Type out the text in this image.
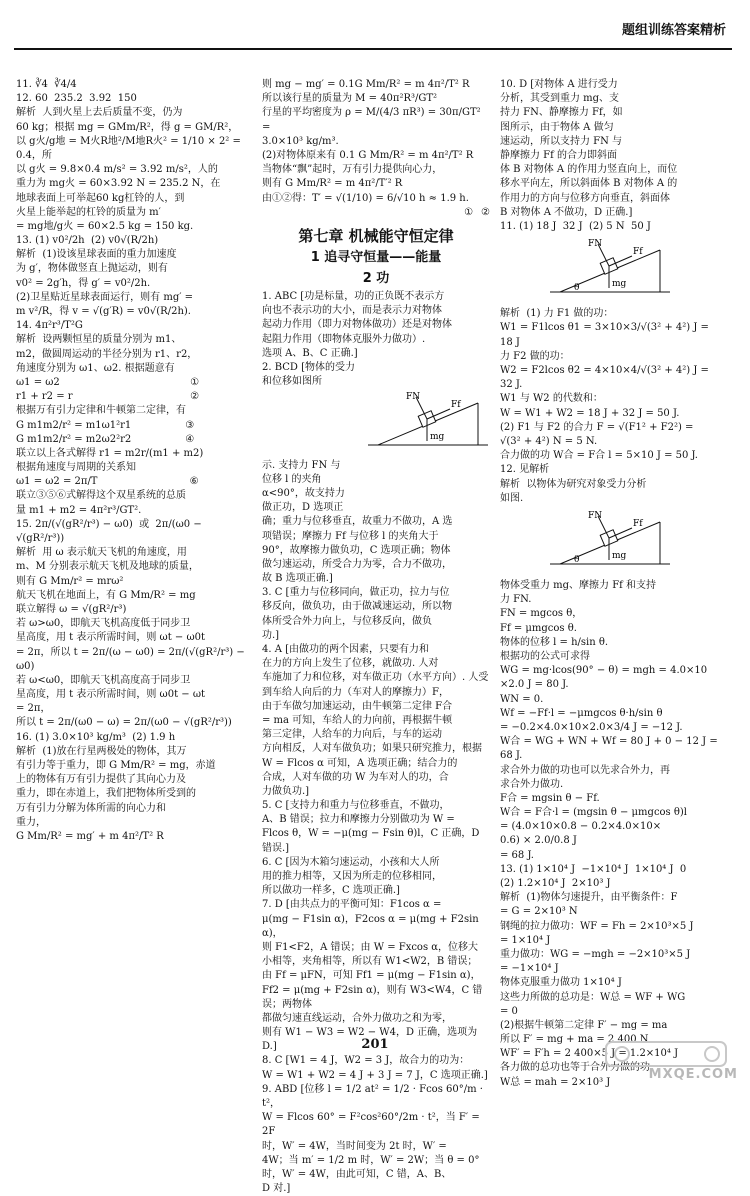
题组训练答案精析
11. ∛4  ∛4/4
12. 60  235.2  3.92  150
解析  人到火星上去后质量不变，仍为
60 kg；根据 mg = GMm/R²，得 g = GM/R²，
以 g火/g地 = M火R地²/M地R火² = 1/10 × 2² = 0.4，所
以 g火 = 9.8×0.4 m/s² = 3.92 m/s²，人的
重力为 mg火 = 60×3.92 N = 235.2 N，在
地球表面上可举起60 kg杠铃的人，到
火星上能举起的杠铃的质量为 m′
= mg地/g火 = 60×2.5 kg = 150 kg.
13. (1) v0²/2h  (2) v0√(R/2h)
解析  (1)设该星球表面的重力加速度
为 g′，物体做竖直上抛运动，则有
v0² = 2g′h，得 g′ = v0²/2h.
(2)卫星贴近星球表面运行，则有 mg′ =
m v²/R，得 v = √(g′R) = v0√(R/2h).
14. 4π²r³/T²G
解析  设两颗恒星的质量分别为 m1、
m2，做圆周运动的半径分别为 r1、r2，
角速度分别为 ω1、ω2. 根据题意有
ω1 = ω2                                         ①
r1 + r2 = r                                     ②
根据万有引力定律和牛顿第二定律，有
G m1m2/r² = m1ω1²r1                 ③
G m1m2/r² = m2ω2²r2                 ④
联立以上各式解得 r1 = m2r/(m1 + m2)
根据角速度与周期的关系知
ω1 = ω2 = 2π/T                             ⑥
联立③⑤⑥式解得这个双星系统的总质
量 m1 + m2 = 4π²r³/GT².
15. 2π/(√(gR²/r³) − ω0)  或  2π/(ω0 − √(gR²/r³))
解析  用 ω 表示航天飞机的角速度，用
m、M 分别表示航天飞机及地球的质量，
则有 G Mm/r² = mrω²
航天飞机在地面上，有 G Mm/R² = mg
联立解得 ω = √(gR²/r³)
若 ω>ω0，即航天飞机高度低于同步卫
星高度，用 t 表示所需时间，则 ωt − ω0t
= 2π，所以 t = 2π/(ω − ω0) = 2π/(√(gR²/r³) − ω0)
若 ω<ω0，即航天飞机高度高于同步卫
星高度，用 t 表示所需时间，则 ω0t − ωt
= 2π，
所以 t = 2π/(ω0 − ω) = 2π/(ω0 − √(gR²/r³))
16. (1) 3.0×10³ kg/m³  (2) 1.9 h
解析  (1)放在行星两极处的物体，其万
有引力等于重力，即 G Mm/R² = mg，赤道
上的物体有万有引力提供了其向心力及
重力，即在赤道上，我们把物体所受到的
万有引力分解为体所需的向心力和
重力，
G Mm/R² = mg′ + m 4π²/T² R
则 mg − mg′ = 0.1G Mm/R² = m 4π²/T² R
所以该行星的质量为 M = 40π²R³/GT²
行星的平均密度为 ρ = M/(4/3 πR³) = 30π/GT² =
3.0×10³ kg/m³.
(2)对物体原来有 0.1 G Mm/R² = m 4π²/T² R
当物体“飘”起时，万有引力提供向心力，
则有 G Mm/R² = m 4π²/T′² R
由①②得：T′ = √(1/10) = 6/√10 h ≈ 1.9 h.
① ②
第七章 机械能守恒定律
1 追寻守恒量——能量
2 功
1. ABC [功是标量，功的正负既不表示方
向也不表示功的大小，而是表示力对物体
起动力作用（即力对物体做功）还是对物体
起阻力作用（即物体克服外力做功）.
选项 A、B、C 正确.]
2. BCD [物体的受力
和位移如图所
FN
Ff
mg
示. 支持力 FN 与
位移 l 的夹角
α<90°，故支持力
做正功，D 选项正
确；重力与位移垂直，故重力不做功，A 选
项错误；摩擦力 Ff 与位移 l 的夹角大于
90°，故摩擦力做负功，C 选项正确；物体
做匀速运动，所受合力为零，合力不做功，
故 B 选项正确.]
3. C [重力与位移同向，做正功，拉力与位
移反向，做负功，由于做减速运动，所以物
体所受合外力向上，与位移反向，做负
功.]
4. A [由做功的两个因素，只要有力和
在力的方向上发生了位移，就做功. 人对
车施加了力和位移，对车做正功（水平方向）. 人受
到车给人向后的力（车对人的摩擦力）F，
由于车做匀加速运动，由牛顿第二定律 F合
= ma 可知，车给人的力向前，再根据牛顿
第三定律，人给车的力向后，与车的运动
方向相反，人对车做负功；如果只研究推力，根据
W = Flcos α 可知，A 选项正确；结合力的
合成，人对车做的功 W 为车对人的功，合
力做负功.]
5. C [支持力和重力与位移垂直，不做功，
A、B 错误；拉力和摩擦力分别做功为 W =
Flcos θ，W = −μ(mg − Fsin θ)l，C 正确，D
错误.]
6. C [因为木箱匀速运动，小孩和大人所
用的推力相等，又因为所走的位移相同，
所以做功一样多，C 选项正确.]
7. D [由共点力的平衡可知：F1cos α =
μ(mg − F1sin α)，F2cos α = μ(mg + F2sin α)，
则 F1<F2，A 错误；由 W = Fxcos α，位移大
小相等，夹角相等，所以有 W1<W2，B 错误；
由 Ff = μFN，可知 Ff1 = μ(mg − F1sin α)，
Ff2 = μ(mg + F2sin α)，则有 W3<W4，C 错误；两物体
都做匀速直线运动，合外力做功之和为零，
则有 W1 − W3 = W2 − W4，D 正确，选项为
D.]
8. C [W1 = 4 J，W2 = 3 J，故合力的功为：
W = W1 + W2 = 4 J + 3 J = 7 J，C 选项正确.]
9. ABD [位移 l = 1/2 at² = 1/2 · Fcos 60°/m · t²，
W = Flcos 60° = F²cos²60°/2m · t²，当 F′ = 2F
时，W′ = 4W，当时间变为 2t 时，W′ =
4W；当 m′ = 1/2 m 时，W′ = 2W；当 θ = 0°
时，W′ = 4W，由此可知，C 错，A、B、
D 对.]
10. D [对物体 A 进行受力
分析，其受到重力 mg、支
持力 FN、静摩擦力 Ff，如
图所示，由于物体 A 做匀
速运动，所以支持力 FN 与
静摩擦力 Ff 的合力即斜面
体 B 对物体 A 的作用力竖直向上，而位
移水平向左，所以斜面体 B 对物体 A 的
作用力的方向与位移方向垂直，斜面体
B 对物体 A 不做功，D 正确.]
11. (1) 18 J  32 J  (2) 5 N  50 J
FN
Ff
mg
θ
解析  (1) 力 F1 做的功：
W1 = F1lcos θ1 = 3×10×3/√(3² + 4²) J =
18 J
力 F2 做的功：
W2 = F2lcos θ2 = 4×10×4/√(3² + 4²) J =
32 J.
W1 与 W2 的代数和：
W = W1 + W2 = 18 J + 32 J = 50 J.
(2) F1 与 F2 的合力 F = √(F1² + F2²) =
√(3² + 4²) N = 5 N.
合力做的功 W合 = F合 l = 5×10 J = 50 J.
12. 见解析
解析  以物体为研究对象受力分析
如图.
FN
Ff
mg
θ
物体受重力 mg、摩擦力 Ff 和支持
力 FN.
FN = mgcos θ，
Ff = μmgcos θ.
物体的位移 l = h/sin θ.
根据功的公式可求得
WG = mg·lcos(90° − θ) = mgh = 4.0×10
×2.0 J = 80 J.
WN = 0.
Wf = −Ff·l = −μmgcos θ·h/sin θ
= −0.2×4.0×10×2.0×3/4 J = −12 J.
W合 = WG + WN + Wf = 80 J + 0 − 12 J =
68 J.
求合外力做的功也可以先求合外力，再
求合外力做功.
F合 = mgsin θ − Ff.
W合 = F合·l = (mgsin θ − μmgcos θ)l
= (4.0×10×0.8 − 0.2×4.0×10×
0.6) × 2.0/0.8 J
= 68 J.
13. (1) 1×10⁴ J  −1×10⁴ J  1×10⁴ J  0
(2) 1.2×10⁴ J  2×10³ J
解析  (1)物体匀速提升，由平衡条件：F
= G = 2×10³ N
钢绳的拉力做功：WF = Fh = 2×10³×5 J
= 1×10⁴ J
重力做功：WG = −mgh = −2×10³×5 J
= −1×10⁴ J
物体克服重力做功 1×10⁴ J
这些力所做的总功是：W总 = WF + WG
= 0
(2)根据牛顿第二定律 F′ − mg = ma
所以 F′ = mg + ma = 2 400 N
WF′ = F′h = 2 400×5 J = 1.2×10⁴ J
各力做的总功也等于合外力做的功
W总 = mah = 2×10³ J
201
MXQE.COM
